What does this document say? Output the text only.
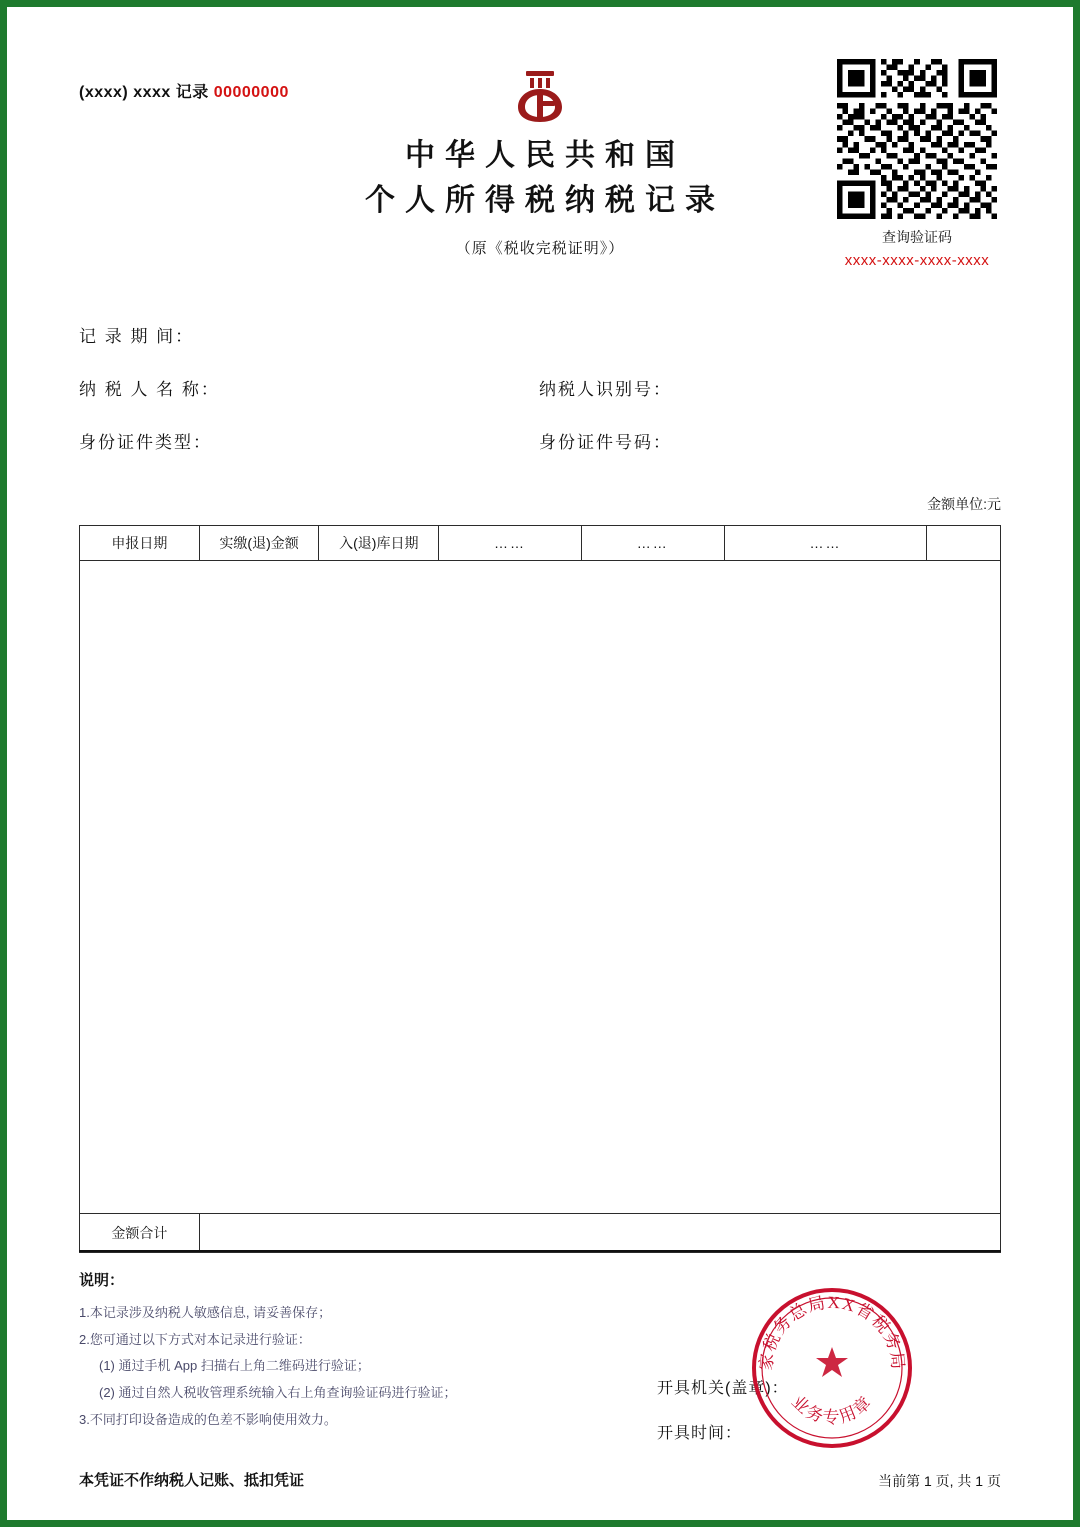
(xxxx) xxxx 记录 00000000
中华人民共和国
个人所得税纳税记录
（原《税收完税证明》）
查询验证码
xxxx-xxxx-xxxx-xxxx
记 录 期 间：
纳 税 人 名 称：	纳税人识别号：
身份证件类型：	身份证件号码：
金额单位:元
申报日期	实缴(退)金额	入(退)库日期	……	……	……	

金额合计						
说明：
1.本记录涉及纳税人敏感信息, 请妥善保存；
2.您可通过以下方式对本记录进行验证：
(1) 通过手机 App 扫描右上角二维码进行验证；
(2) 通过自然人税收管理系统输入右上角查询验证码进行验证；
3.不同打印设备造成的色差不影响使用效力。
开具机关(盖章)：
开具时间：
家税务总局XX省税务局
业务专用章
本凭证不作纳税人记账、抵扣凭证	当前第 1 页, 共 1 页
